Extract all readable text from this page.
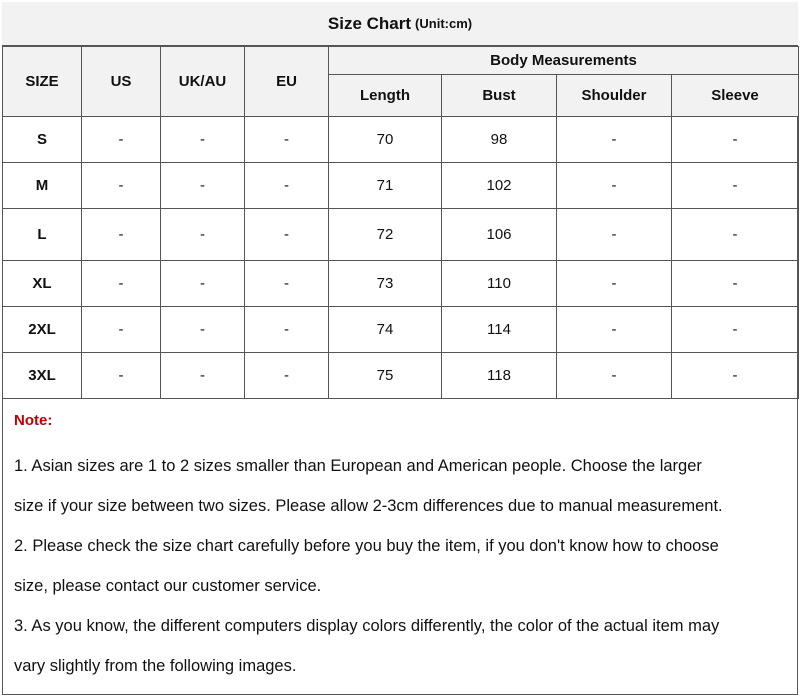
Size Chart (Unit:cm)
SIZE	US	UK/AU	EU	Body Measurements			
				Length	Bust	Shoulder	Sleeve
S	-	-	-	70	98	-	-
M	-	-	-	71	102	-	-
L	-	-	-	72	106	-	-
XL	-	-	-	73	110	-	-
2XL	-	-	-	74	114	-	-
3XL	-	-	-	75	118	-	-
Note:
1. Asian sizes are 1 to 2 sizes smaller than European and American people. Choose the larger
size if your size between two sizes. Please allow 2-3cm differences due to manual measurement.
2. Please check the size chart carefully before you buy the item, if you don't know how to choose
size, please contact our customer service.
3. As you know, the different computers display colors differently, the color of the actual item may
vary slightly from the following images.
